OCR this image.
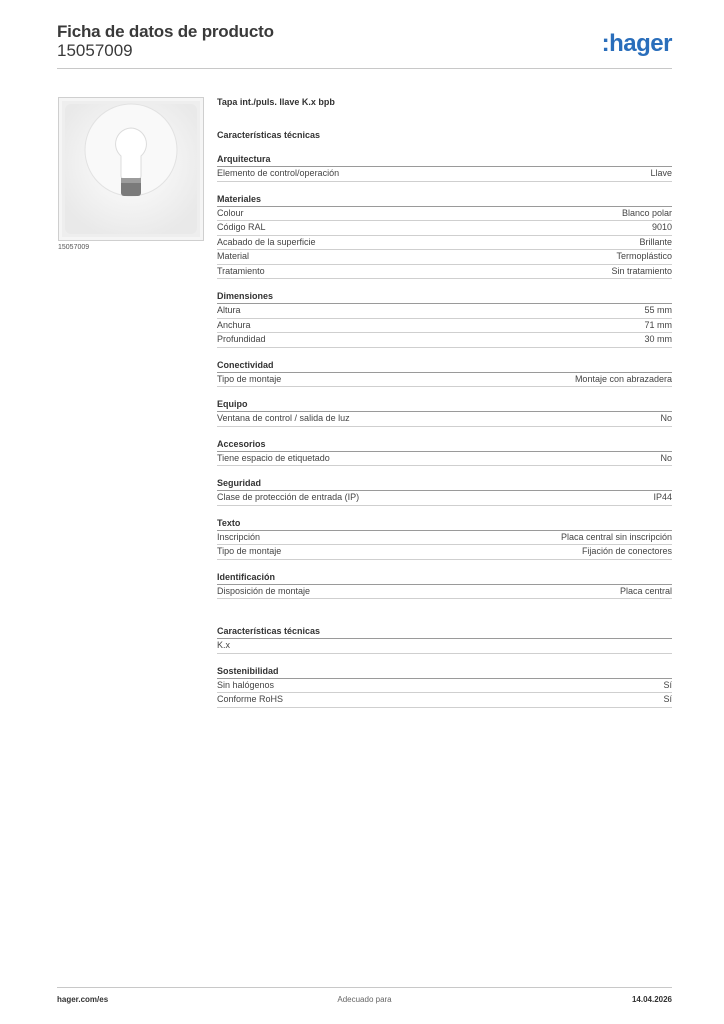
Ficha de datos de producto
15057009	:hager
15057009
Tapa int./puls. llave K.x bpb
Características técnicas
Arquitectura
Elemento de control/operación	Llave
Materiales
Colour	Blanco polar
Código RAL	9010
Acabado de la superficie	Brillante
Material	Termoplástico
Tratamiento	Sin tratamiento
Dimensiones
Altura	55 mm
Anchura	71 mm
Profundidad	30 mm
Conectividad
Tipo de montaje	Montaje con abrazadera
Equipo
Ventana de control / salida de luz	No
Accesorios
Tiene espacio de etiquetado	No
Seguridad
Clase de protección de entrada (IP)	IP44
Texto
Inscripción	Placa central sin inscripción
Tipo de montaje	Fijación de conectores
Identificación
Disposición de montaje	Placa central
Características técnicas
K.x
Sostenibilidad
Sin halógenos	Sí
Conforme RoHS	Sí
hager.com/es	Adecuado para	14.04.2026
